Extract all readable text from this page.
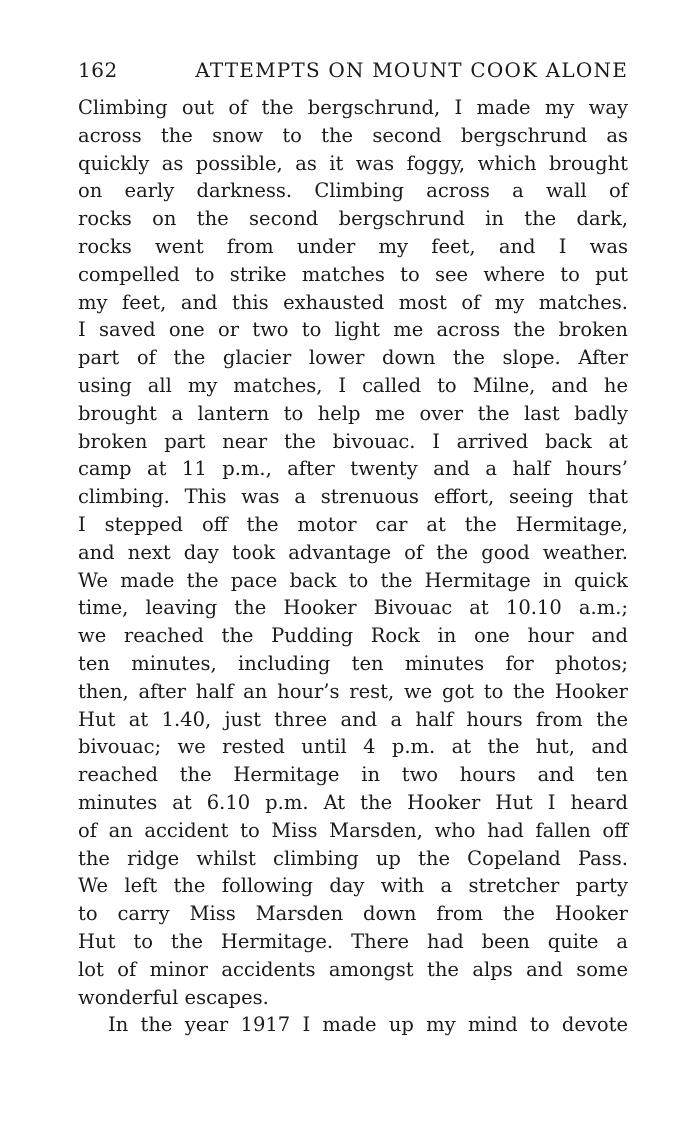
162	ATTEMPTS ON MOUNT COOK ALONE
Climbing out of the bergschrund, I made my way
across the snow to the second bergschrund as
quickly as possible, as it was foggy, which brought
on early darkness. Climbing across a wall of
rocks on the second bergschrund in the dark,
rocks went from under my feet, and I was
compelled to strike matches to see where to put
my feet, and this exhausted most of my matches.
I saved one or two to light me across the broken
part of the glacier lower down the slope. After
using all my matches, I called to Milne, and he
brought a lantern to help me over the last badly
broken part near the bivouac. I arrived back at
camp at 11 p.m., after twenty and a half hours’
climbing. This was a strenuous effort, seeing that
I stepped off the motor car at the Hermitage,
and next day took advantage of the good weather.
We made the pace back to the Hermitage in quick
time, leaving the Hooker Bivouac at 10.10 a.m.;
we reached the Pudding Rock in one hour and
ten minutes, including ten minutes for photos;
then, after half an hour’s rest, we got to the Hooker
Hut at 1.40, just three and a half hours from the
bivouac; we rested until 4 p.m. at the hut, and
reached the Hermitage in two hours and ten
minutes at 6.10 p.m. At the Hooker Hut I heard
of an accident to Miss Marsden, who had fallen off
the ridge whilst climbing up the Copeland Pass.
We left the following day with a stretcher party
to carry Miss Marsden down from the Hooker
Hut to the Hermitage. There had been quite a
lot of minor accidents amongst the alps and some
wonderful escapes.
In the year 1917 I made up my mind to devote
